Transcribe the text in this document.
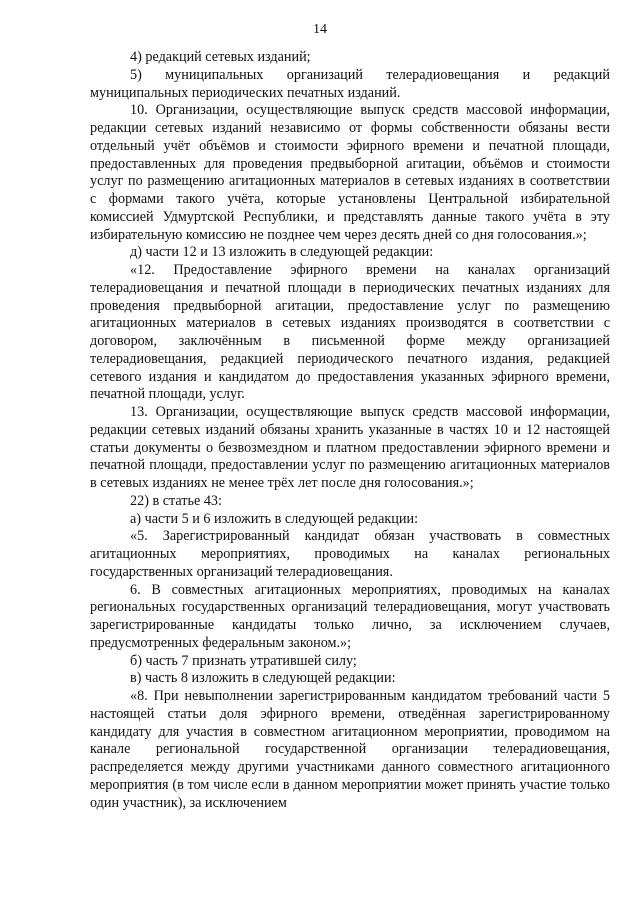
14

4) редакций сетевых изданий;

5) муниципальных организаций телерадиовещания и редакций муниципальных периодических печатных изданий.

10. Организации, осуществляющие выпуск средств массовой информации, редакции сетевых изданий независимо от формы собственности обязаны вести отдельный учёт объёмов и стоимости эфирного времени и печатной площади, предоставленных для проведения предвыборной агитации, объёмов и стоимости услуг по размещению агитационных материалов в сетевых изданиях в соответствии с формами такого учёта, которые установлены Центральной избирательной комиссией Удмуртской Республики, и представлять данные такого учёта в эту избирательную комиссию не позднее чем через десять дней со дня голосования.»;

д) части 12 и 13 изложить в следующей редакции:

«12. Предоставление эфирного времени на каналах организаций телерадиовещания и печатной площади в периодических печатных изданиях для проведения предвыборной агитации, предоставление услуг по размещению агитационных материалов в сетевых изданиях производятся в соответствии с договором, заключённым в письменной форме между организацией телерадиовещания, редакцией периодического печатного издания, редакцией сетевого издания и кандидатом до предоставления указанных эфирного времени, печатной площади, услуг.

13. Организации, осуществляющие выпуск средств массовой информации, редакции сетевых изданий обязаны хранить указанные в частях 10 и 12 настоящей статьи документы о безвозмездном и платном предоставлении эфирного времени и печатной площади, предоставлении услуг по размещению агитационных материалов в сетевых изданиях не менее трёх лет после дня голосования.»;

22) в статье 43:

а) части 5 и 6 изложить в следующей редакции:

«5. Зарегистрированный кандидат обязан участвовать в совместных агитационных мероприятиях, проводимых на каналах региональных государственных организаций телерадиовещания.

6. В совместных агитационных мероприятиях, проводимых на каналах региональных государственных организаций телерадиовещания, могут участвовать зарегистрированные кандидаты только лично, за исключением случаев, предусмотренных федеральным законом.»;

б) часть 7 признать утратившей силу;

в) часть 8 изложить в следующей редакции:

«8. При невыполнении зарегистрированным кандидатом требований части 5 настоящей статьи доля эфирного времени, отведённая зарегистрированному кандидату для участия в совместном агитационном мероприятии, проводимом на канале региональной государственной организации телерадиовещания, распределяется между другими участниками данного совместного агитационного мероприятия (в том числе если в данном мероприятии может принять участие только один участник), за исключением
